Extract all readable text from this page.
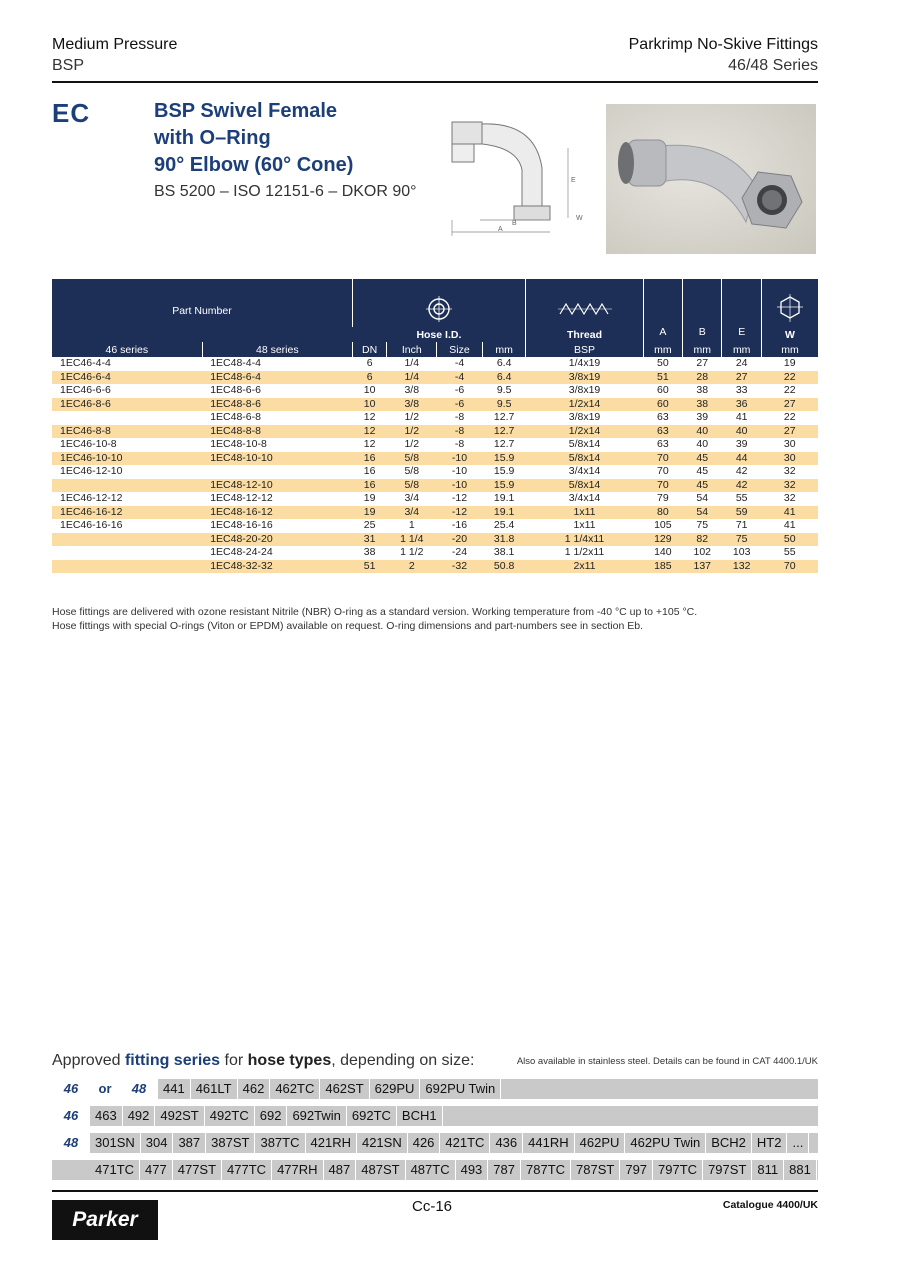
Medium Pressure
BSP
Parkrimp No-Skive Fittings
46/48 Series
EC	BSP Swivel Female
with O–Ring
90° Elbow (60° Cone)
BS 5200 – ISO 12151-6 – DKOR 90°
A
B
E
W
Part Number							A	B	E	
		Hose I.D.				Thread				W
46 series	48 series	DN	Inch	Size	mm	BSP	mm	mm	mm	mm
1EC46-4-4	1EC48-4-4	6	1/4	-4	6.4	1/4x19	50	27	24	19
1EC46-6-4	1EC48-6-4	6	1/4	-4	6.4	3/8x19	51	28	27	22
1EC46-6-6	1EC48-6-6	10	3/8	-6	9.5	3/8x19	60	38	33	22
1EC46-8-6	1EC48-8-6	10	3/8	-6	9.5	1/2x14	60	38	36	27
	1EC48-6-8	12	1/2	-8	12.7	3/8x19	63	39	41	22
1EC46-8-8	1EC48-8-8	12	1/2	-8	12.7	1/2x14	63	40	40	27
1EC46-10-8	1EC48-10-8	12	1/2	-8	12.7	5/8x14	63	40	39	30
1EC46-10-10	1EC48-10-10	16	5/8	-10	15.9	5/8x14	70	45	44	30
1EC46-12-10		16	5/8	-10	15.9	3/4x14	70	45	42	32
	1EC48-12-10	16	5/8	-10	15.9	5/8x14	70	45	42	32
1EC46-12-12	1EC48-12-12	19	3/4	-12	19.1	3/4x14	79	54	55	32
1EC46-16-12	1EC48-16-12	19	3/4	-12	19.1	1x11	80	54	59	41
1EC46-16-16	1EC48-16-16	25	1	-16	25.4	1x11	105	75	71	41
	1EC48-20-20	31	1 1/4	-20	31.8	1 1/4x11	129	82	75	50
	1EC48-24-24	38	1 1/2	-24	38.1	1 1/2x11	140	102	103	55
	1EC48-32-32	51	2	-32	50.8	2x11	185	137	132	70
Hose fittings are delivered with ozone resistant Nitrile (NBR) O-ring as a standard version. Working temperature from -40 °C up to +105 °C.
Hose fittings with special O-rings (Viton or EPDM) available on request. O-ring dimensions and part-numbers see in section Eb.
Approved fitting series for hose types, depending on size:	Also available in stainless steel. Details can be found in CAT 4400.1/UK
46 or 48 441 461LT 462 462TC 462ST 629PU 692PU Twin
46 463 492 492ST 492TC 692 692Twin 692TC BCH1
48 301SN 304 387 387ST 387TC 421RH 421SN 426 421TC 436 441RH 462PU 462PU Twin BCH2 HT2 ...
471TC 477 477ST 477TC 477RH 487 487ST 487TC 493 787 787TC 787ST 797 797TC 797ST 811 881
Parker
Cc-16	Catalogue 4400/UK
